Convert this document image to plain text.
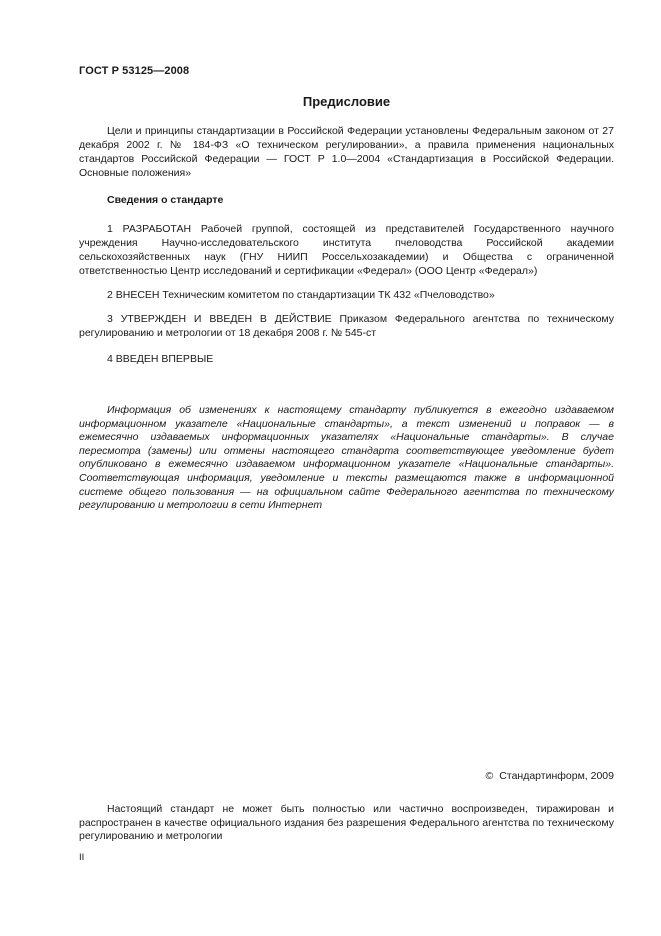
ГОСТ Р 53125—2008
Предисловие

Цели и принципы стандартизации в Российской Федерации установлены Федеральным законом от 27 декабря 2002 г. № 184-ФЗ «О техническом регулировании», а правила применения национальных стандартов Российской Федерации — ГОСТ Р 1.0—2004 «Стандартизация в Российской Федерации. Основные положения»

Сведения о стандарте

1 РАЗРАБОТАН Рабочей группой, состоящей из представителей Государственного научного учреждения Научно-исследовательского института пчеловодства Российской академии сельскохозяйственных наук (ГНУ НИИП Россельхозакадемии) и Общества с ограниченной ответственностью Центр исследований и сертификации «Федерал» (ООО Центр «Федерал»)

2 ВНЕСЕН Техническим комитетом по стандартизации ТК 432 «Пчеловодство»

3 УТВЕРЖДЕН И ВВЕДЕН В ДЕЙСТВИЕ Приказом Федерального агентства по техническому регулированию и метрологии от 18 декабря 2008 г. № 545-ст

4 ВВЕДЕН ВПЕРВЫЕ

Информация об изменениях к настоящему стандарту публикуется в ежегодно издаваемом информационном указателе «Национальные стандарты», а текст изменений и поправок — в ежемесячно издаваемых информационных указателях «Национальные стандарты». В случае пересмотра (замены) или отмены настоящего стандарта соответствующее уведомление будет опубликовано в ежемесячно издаваемом информационном указателе «Национальные стандарты». Соответствующая информация, уведомление и тексты размещаются также в информационной системе общего пользования — на официальном сайте Федерального агентства по техническому регулированию и метрологии в сети Интернет

© Стандартинформ, 2009

Настоящий стандарт не может быть полностью или частично воспроизведен, тиражирован и распространен в качестве официального издания без разрешения Федерального агентства по техническому регулированию и метрологии

II
